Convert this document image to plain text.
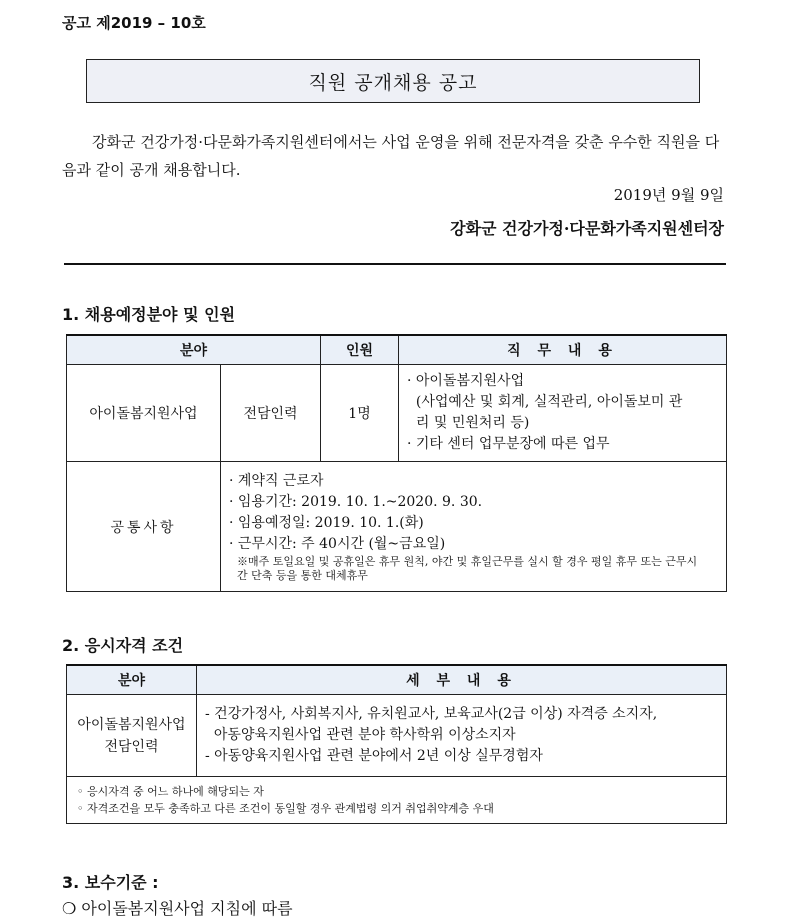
공고 제2019 – 10호
직원 공개채용 공고
강화군 건강가정·다문화가족지원센터에서는 사업 운영을 위해 전문자격을 갖춘 우수한 직원을 다음과 같이 공개 채용합니다.
2019년 9월 9일
강화군 건강가정·다문화가족지원센터장
1. 채용예정분야 및 인원
분야		인원	직 무 내 용
아이돌봄지원사업	전담인력	1명	· 아이돌봄지원사업
(사업예산 및 회계, 실적관리, 아이돌보미 관
리 및 민원처리 등)
· 기타 센터 업무분장에 따른 업무

공통사항	· 계약직 근로자
· 임용기간: 2019. 10. 1.~2020. 9. 30.
· 임용예정일: 2019. 10. 1.(화)
· 근무시간: 주 40시간 (월~금요일)
※매주 토일요일 및 공휴일은 휴무 원칙, 야간 및 휴일근무를 실시 할 경우 평일 휴무 또는 근무시간 단축 등을 통한 대체휴무		
2. 응시자격 조건
분야	세 부 내 용
아이돌봄지원사업 전담인력	- 건강가정사, 사회복지사, 유치원교사, 보육교사(2급 이상) 자격증 소지자,
아동양육지원사업 관련 분야 학사학위 이상소지자
- 아동양육지원사업 관련 분야에서 2년 이상 실무경험자

◦ 응시자격 중 어느 하나에 해당되는 자
◦ 자격조건을 모두 충족하고 다른 조건이 동일할 경우 관계법령 의거 취업취약계층 우대	
3. 보수기준 :
❍ 아이돌봄지원사업 지침에 따름
